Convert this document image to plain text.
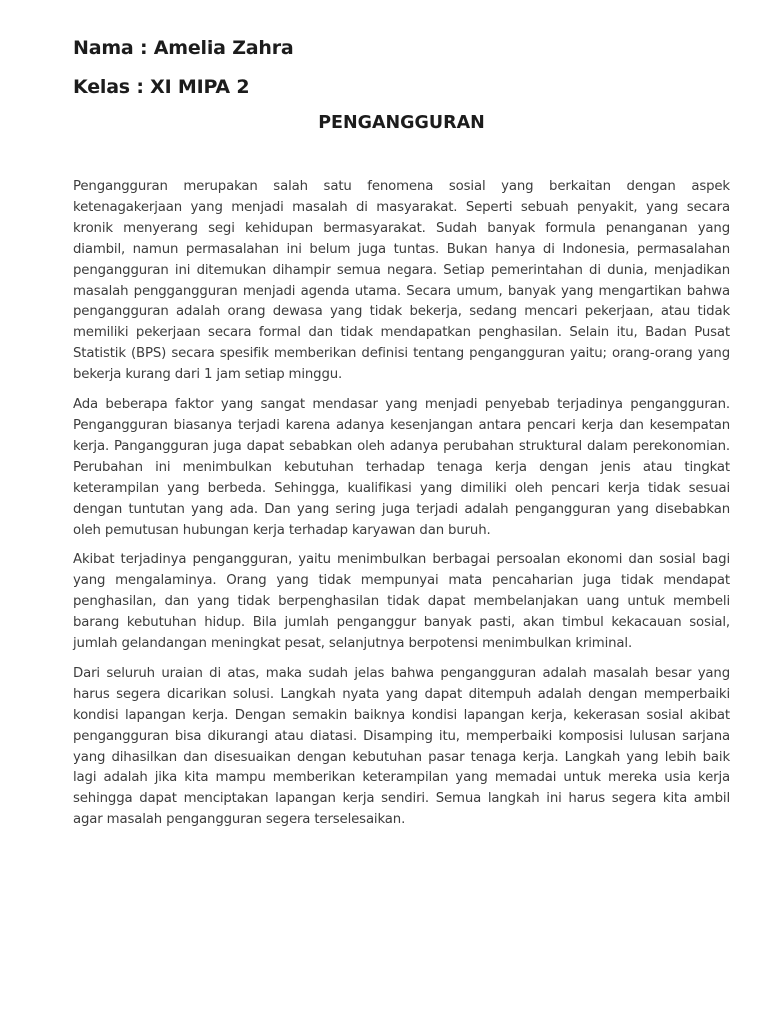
Nama : Amelia Zahra

Kelas : XI MIPA 2

PENGANGGURAN

Pengangguran merupakan salah satu fenomena sosial yang berkaitan dengan aspek ketenagakerjaan yang menjadi masalah di masyarakat. Seperti sebuah penyakit, yang secara kronik menyerang segi kehidupan bermasyarakat. Sudah banyak formula penanganan yang diambil, namun permasalahan ini belum juga tuntas. Bukan hanya di Indonesia, permasalahan pengangguran ini ditemukan dihampir semua negara. Setiap pemerintahan di dunia, menjadikan masalah penggangguran menjadi agenda utama. Secara umum, banyak yang mengartikan bahwa pengangguran adalah orang dewasa yang tidak bekerja, sedang mencari pekerjaan, atau tidak memiliki pekerjaan secara formal dan tidak mendapatkan penghasilan. Selain itu, Badan Pusat Statistik (BPS) secara spesifik memberikan definisi tentang pengangguran yaitu; orang-orang yang bekerja kurang dari 1 jam setiap minggu.

Ada beberapa faktor yang sangat mendasar yang menjadi penyebab terjadinya pengangguran. Pengangguran biasanya terjadi karena adanya kesenjangan antara pencari kerja dan kesempatan kerja. Pangangguran juga dapat sebabkan oleh adanya perubahan struktural dalam perekonomian. Perubahan ini menimbulkan kebutuhan terhadap tenaga kerja dengan jenis atau tingkat keterampilan yang berbeda. Sehingga, kualifikasi yang dimiliki oleh pencari kerja tidak sesuai dengan tuntutan yang ada. Dan yang sering juga terjadi adalah pengangguran yang disebabkan oleh pemutusan hubungan kerja terhadap karyawan dan buruh.

Akibat terjadinya pengangguran, yaitu menimbulkan berbagai persoalan ekonomi dan sosial bagi yang mengalaminya. Orang yang tidak mempunyai mata pencaharian juga tidak mendapat penghasilan, dan yang tidak berpenghasilan tidak dapat membelanjakan uang untuk membeli barang kebutuhan hidup. Bila jumlah penganggur banyak pasti, akan timbul kekacauan sosial, jumlah gelandangan meningkat pesat, selanjutnya berpotensi menimbulkan kriminal.

Dari seluruh uraian di atas, maka sudah jelas bahwa pengangguran adalah masalah besar yang harus segera dicarikan solusi. Langkah nyata yang dapat ditempuh adalah dengan memperbaiki kondisi lapangan kerja. Dengan semakin baiknya kondisi lapangan kerja, kekerasan sosial akibat pengangguran bisa dikurangi atau diatasi. Disamping itu, memperbaiki komposisi lulusan sarjana yang dihasilkan dan disesuaikan dengan kebutuhan pasar tenaga kerja. Langkah yang lebih baik lagi adalah jika kita mampu memberikan keterampilan yang memadai untuk mereka usia kerja sehingga dapat menciptakan lapangan kerja sendiri. Semua langkah ini harus segera kita ambil agar masalah pengangguran segera terselesaikan.
